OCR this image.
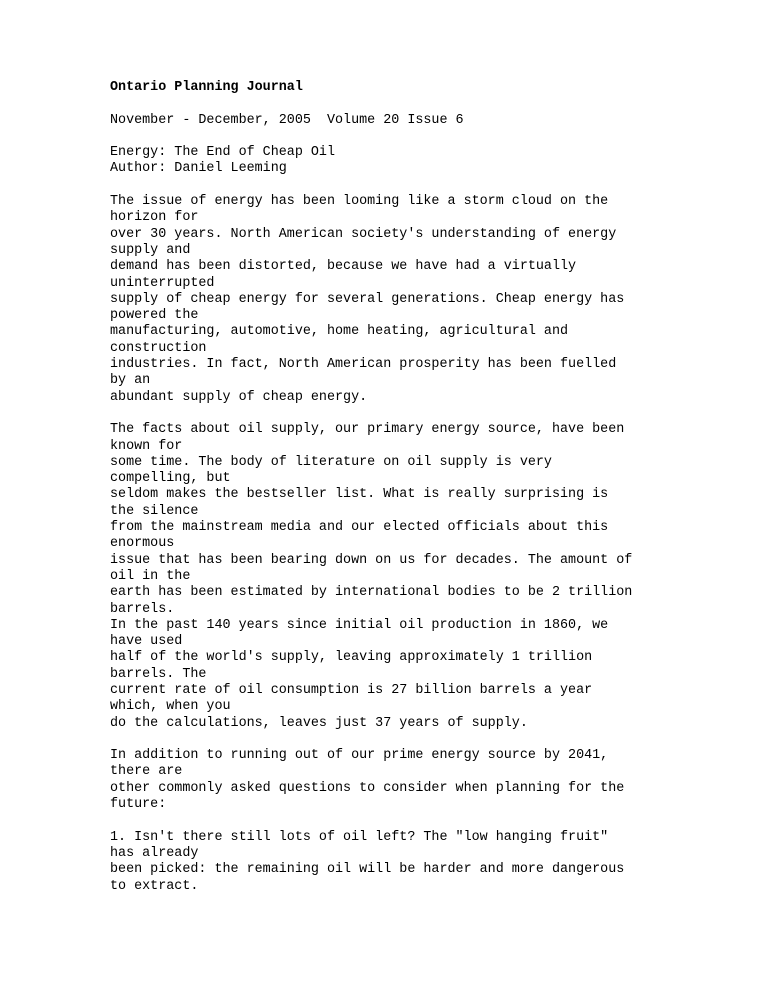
Ontario Planning Journal
November - December, 2005  Volume 20 Issue 6
Energy: The End of Cheap Oil
Author: Daniel Leeming
The issue of energy has been looming like a storm cloud on the
horizon for
over 30 years. North American society's understanding of energy
supply and
demand has been distorted, because we have had a virtually
uninterrupted
supply of cheap energy for several generations. Cheap energy has
powered the
manufacturing, automotive, home heating, agricultural and
construction
industries. In fact, North American prosperity has been fuelled
by an
abundant supply of cheap energy.
The facts about oil supply, our primary energy source, have been
known for
some time. The body of literature on oil supply is very
compelling, but
seldom makes the bestseller list. What is really surprising is
the silence
from the mainstream media and our elected officials about this
enormous
issue that has been bearing down on us for decades. The amount of
oil in the
earth has been estimated by international bodies to be 2 trillion
barrels.
In the past 140 years since initial oil production in 1860, we
have used
half of the world's supply, leaving approximately 1 trillion
barrels. The
current rate of oil consumption is 27 billion barrels a year
which, when you
do the calculations, leaves just 37 years of supply.
In addition to running out of our prime energy source by 2041,
there are
other commonly asked questions to consider when planning for the
future:
1. Isn't there still lots of oil left? The "low hanging fruit"
has already
been picked: the remaining oil will be harder and more dangerous
to extract.
